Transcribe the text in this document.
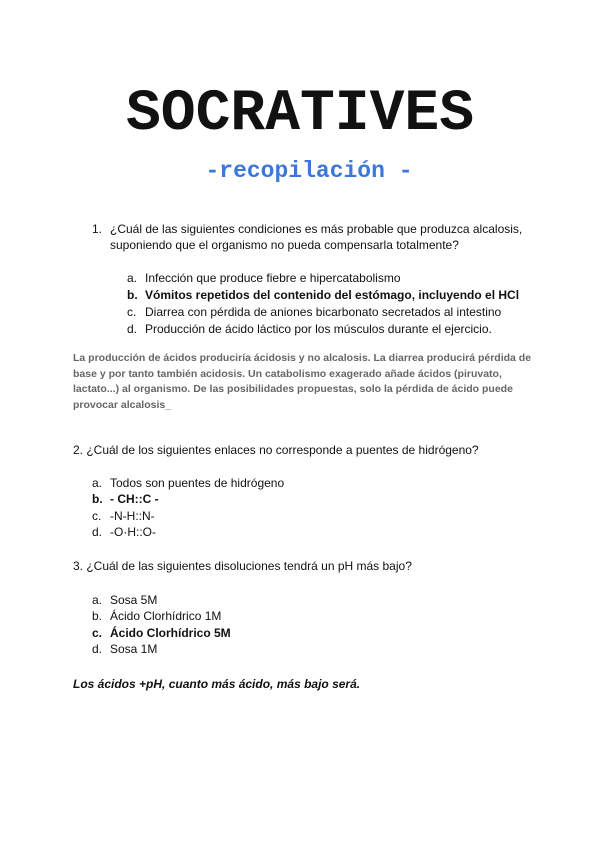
SOCRATIVES
-recopilación -
1. ¿Cuál de las siguientes condiciones es más probable que produzca alcalosis,
suponiendo que el organismo no pueda compensarla totalmente?
a. Infección que produce fiebre e hipercatabolismo
b. Vómitos repetidos del contenido del estómago, incluyendo el HCl
c. Diarrea con pérdida de aniones bicarbonato secretados al intestino
d. Producción de ácido láctico por los músculos durante el ejercicio.
La producción de ácidos produciría ácidosis y no alcalosis. La diarrea producirá pérdida de base y por tanto también acidosis. Un catabolismo exagerado añade ácidos (piruvato, lactato...) al organismo. De las posibilidades propuestas, solo la pérdida de ácido puede provocar alcalosis_
2. ¿Cuál de los siguientes enlaces no corresponde a puentes de hidrógeno?
a. Todos son puentes de hidrógeno
b. - CH::C -
c. -N-H::N-
d. -O·H::O-
3. ¿Cuál de las siguientes disoluciones tendrá un pH más bajo?
a. Sosa 5M
b. Ácido Clorhídrico 1M
c. Ácido Clorhídrico 5M
d. Sosa 1M
Los ácidos +pH, cuanto más ácido, más bajo será.
